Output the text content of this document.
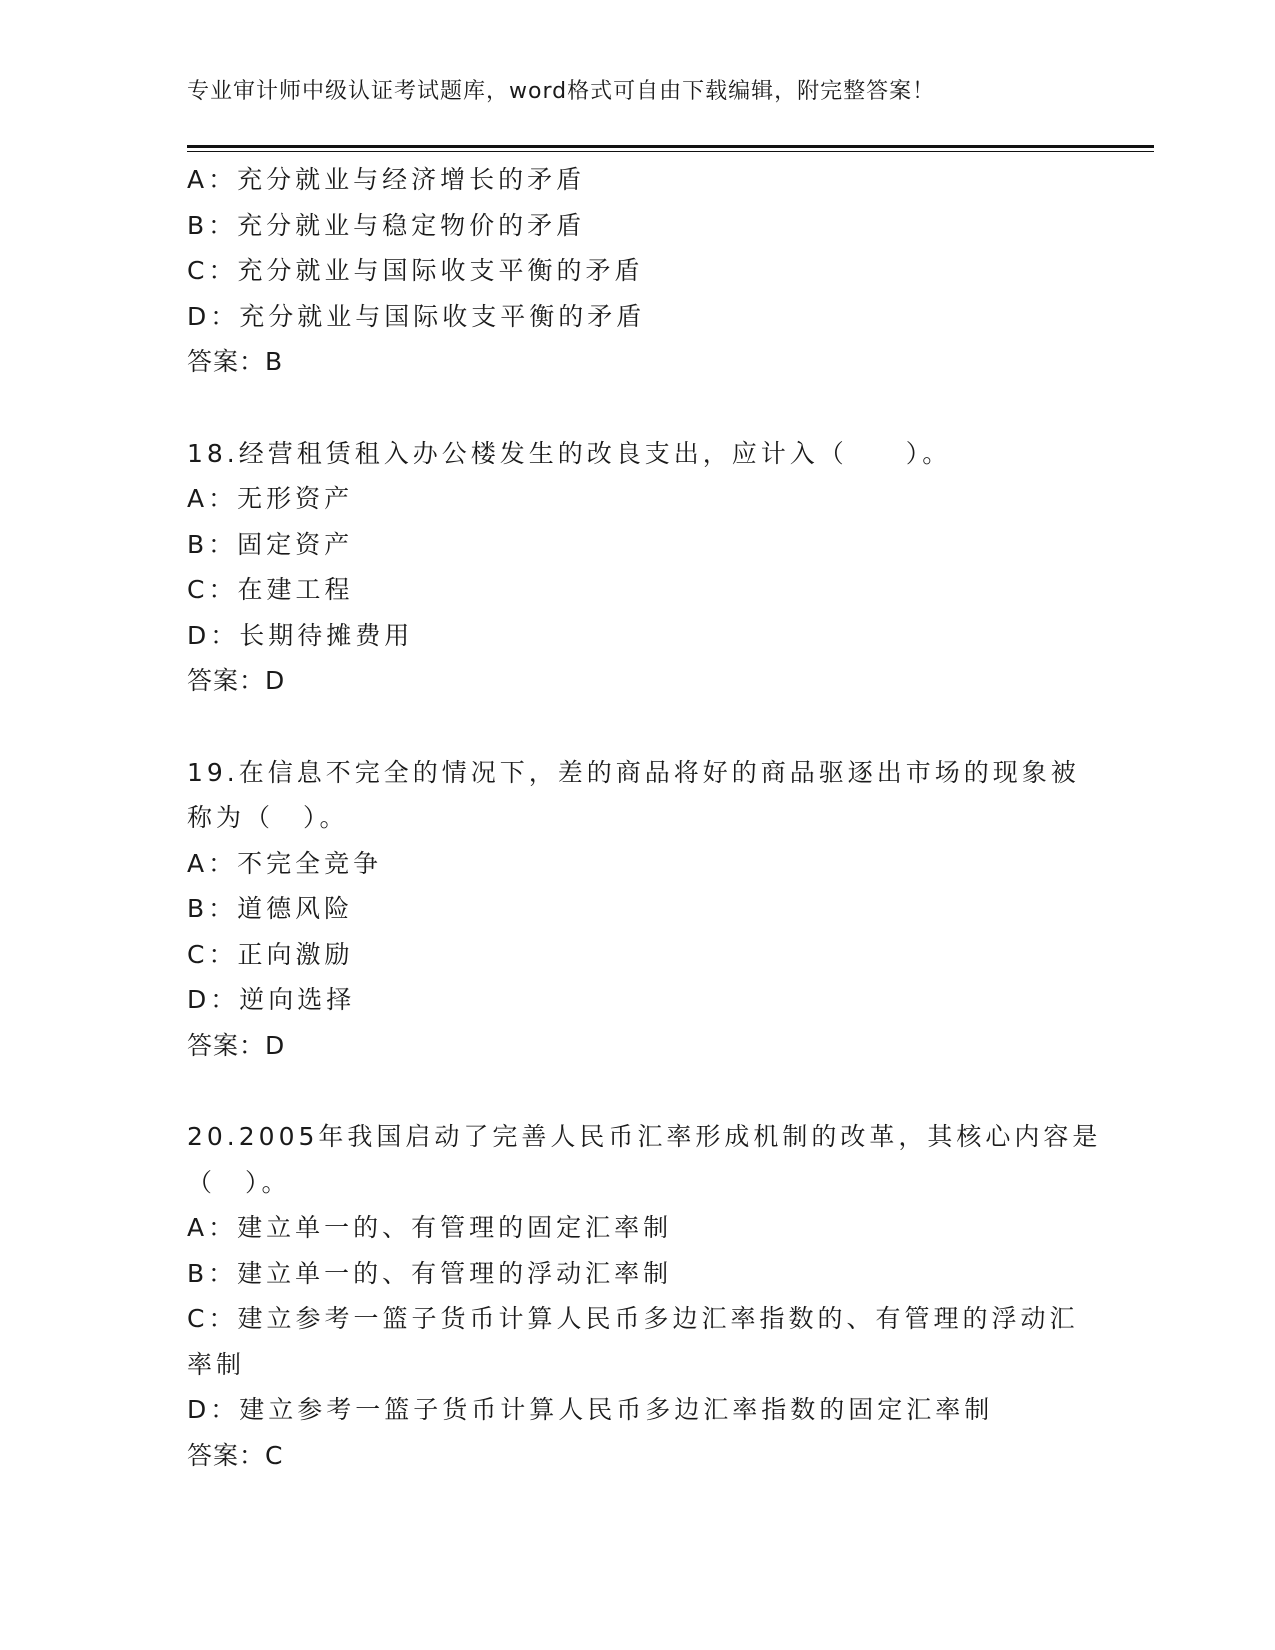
专业审计师中级认证考试题库，word格式可自由下载编辑，附完整答案！
A：充分就业与经济增长的矛盾
B：充分就业与稳定物价的矛盾
C：充分就业与国际收支平衡的矛盾
D：充分就业与国际收支平衡的矛盾
答案：B
18.经营租赁租入办公楼发生的改良支出，应计入（　　）。
A：无形资产
B：固定资产
C：在建工程
D：长期待摊费用
答案：D
19.在信息不完全的情况下，差的商品将好的商品驱逐出市场的现象被
称为（　）。
A：不完全竞争
B：道德风险
C：正向激励
D：逆向选择
答案：D
20.2005年我国启动了完善人民币汇率形成机制的改革，其核心内容是
（　）。
A：建立单一的、有管理的固定汇率制
B：建立单一的、有管理的浮动汇率制
C：建立参考一篮子货币计算人民币多边汇率指数的、有管理的浮动汇
率制
D：建立参考一篮子货币计算人民币多边汇率指数的固定汇率制
答案：C
